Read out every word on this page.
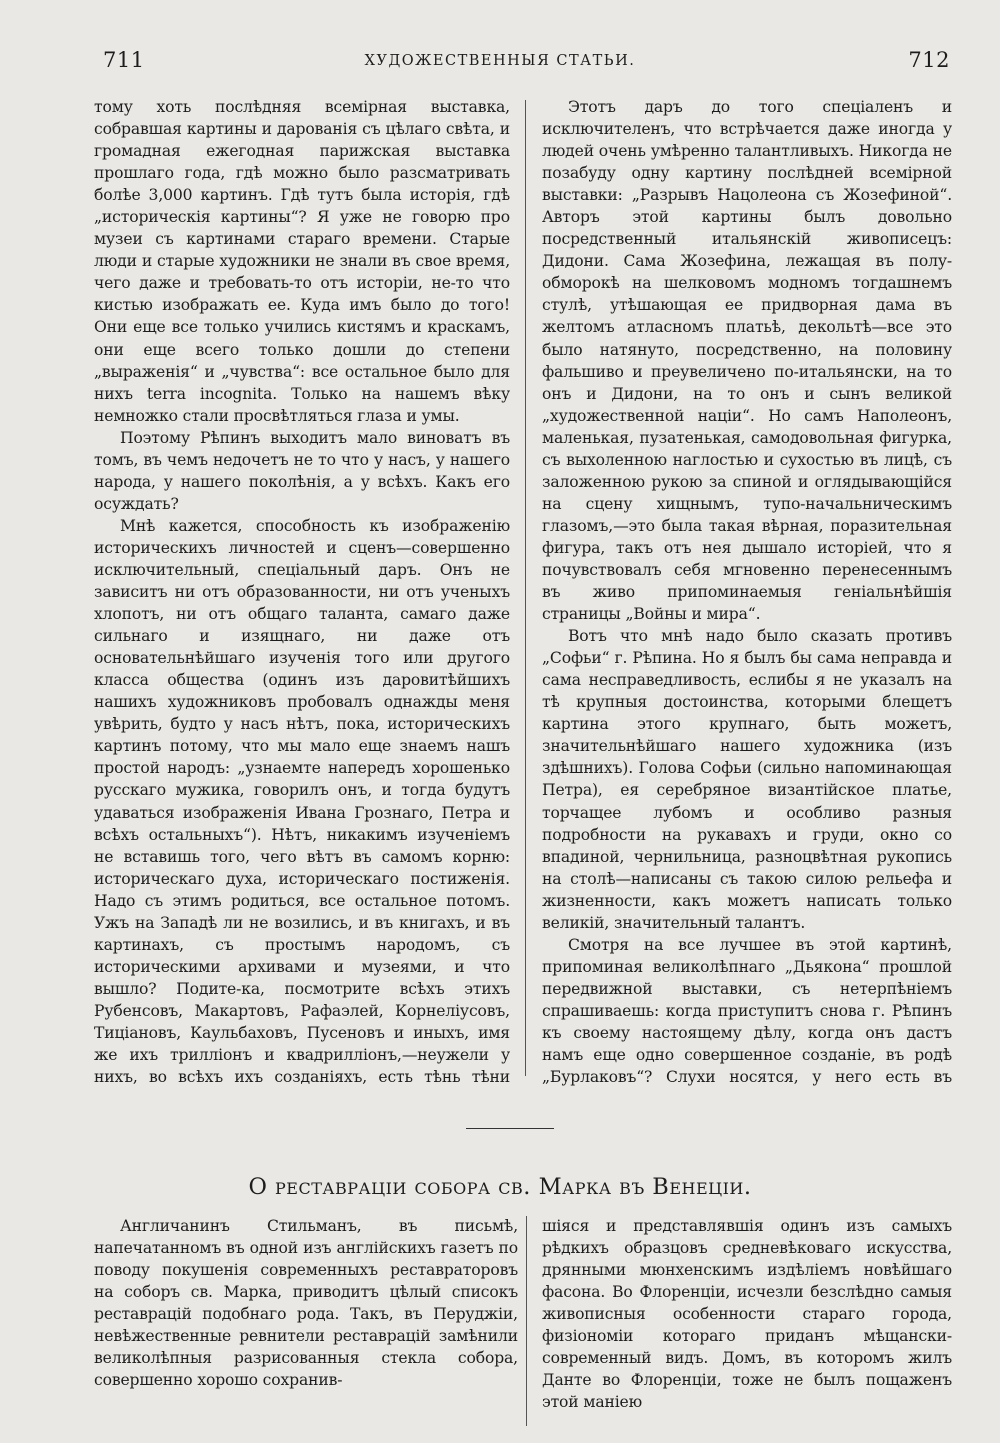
711	ХУДОЖЕСТВЕННЫЯ СТАТЬИ.	712

тому хоть послѣдняя всемiрная выставка, собравшая картины и дарованiя съ цѣлаго свѣта, и громадная ежегодная парижская выставка прошлаго года, гдѣ можно было разсматривать болѣе 3,000 картинъ. Гдѣ тутъ была исторiя, гдѣ „историческiя картины“? Я уже не говорю про музеи съ картинами стараго времени. Старые люди и старые художники не знали въ свое время, чего даже и требовать-то отъ исторiи, не-то что кистью изображать ее. Куда имъ было до того! Они еще все только учились кистямъ и краскамъ, они еще всего только дошли до степени „выраженiя“ и „чувства“: все остальное было для нихъ terra incognita. Только на нашемъ вѣку немножко стали просвѣтляться глаза и умы.

Поэтому Рѣпинъ выходитъ мало виноватъ въ томъ, въ чемъ недочетъ не то что у насъ, у нашего народа, у нашего поколѣнiя, а у всѣхъ. Какъ его осуждать?

Мнѣ кажется, способность къ изображенiю историческихъ личностей и сценъ—совершенно исключительный, спецiальный даръ. Онъ не зависитъ ни отъ образованности, ни отъ ученыхъ хлопотъ, ни отъ общаго таланта, самаго даже сильнаго и изящнаго, ни даже отъ основательнѣйшаго изученiя того или другого класса общества (одинъ изъ даровитѣйшихъ нашихъ художниковъ пробовалъ однажды меня увѣрить, будто у насъ нѣтъ, пока, историческихъ картинъ потому, что мы мало еще знаемъ нашъ простой народъ: „узнаемте напередъ хорошенько русскаго мужика, говорилъ онъ, и тогда будутъ удаваться изображенiя Ивана Грознаго, Петра и всѣхъ остальныхъ“). Нѣтъ, никакимъ изученiемъ не вставишь того, чего вѣтъ въ самомъ корню: историческаго духа, историческаго постиженiя. Надо съ этимъ родиться, все остальное потомъ. Ужъ на Западѣ ли не возились, и въ книгахъ, и въ картинахъ, съ простымъ народомъ, съ историческими архивами и музеями, и что вышло? Подите-ка, посмотрите всѣхъ этихъ Рубенсовъ, Макартовъ, Рафаэлей, Корнелiусовъ, Тицiановъ, Каульбаховъ, Пусеновъ и иныхъ, имя же ихъ триллiонъ и квадриллiонъ,—неужели у нихъ, во всѣхъ ихъ созданiяхъ, есть тѣнь тѣни

Этотъ даръ до того спецiаленъ и исключителенъ, что встрѣчается даже иногда у людей очень умѣренно талантливыхъ. Никогда не позабуду одну картину послѣдней всемiрной выставки: „Разрывъ Нацолеона съ Жозефиной“. Авторъ этой картины былъ довольно посредственный итальянскiй живописецъ: Дидони. Сама Жозефина, лежащая въ полу-обморокѣ на шелковомъ модномъ тогдашнемъ стулѣ, утѣшающая ее придворная дама въ желтомъ атласномъ платьѣ, декольтѣ—все это было натянуто, посредственно, на половину фальшиво и преувеличено по-итальянски, на то онъ и Дидони, на то онъ и сынъ великой „художественной нацiи“. Но самъ Наполеонъ, маленькая, пузатенькая, самодовольная фигурка, съ выхоленною наглостью и сухостью въ лицѣ, съ заложенною рукою за спиной и оглядывающiйся на сцену хищнымъ, тупо-начальническимъ глазомъ,—это была такая вѣрная, поразительная фигура, такъ отъ нея дышало исторiей, что я почувствовалъ себя мгновенно перенесеннымъ въ живо припоминаемыя генiальнѣйшiя страницы „Войны и мира“.

Вотъ что мнѣ надо было сказать противъ „Софьи“ г. Рѣпина. Но я былъ бы сама неправда и сама несправедливость, еслибы я не указалъ на тѣ крупныя достоинства, которыми блещетъ картина этого крупнаго, быть можетъ, значительнѣйшаго нашего художника (изъ здѣшнихъ). Голова Софьи (сильно напоминающая Петра), ея серебряное византiйское платье, торчащее лубомъ и особливо разныя подробности на рукавахъ и груди, окно со впадиной, чернильница, разноцвѣтная рукопись на столѣ—написаны съ такою силою рельефа и жизненности, какъ можетъ написать только великiй, значительный талантъ.

Смотря на все лучшее въ этой картинѣ, припоминая великолѣпнаго „Дьякона“ прошлой передвижной выставки, съ нетерпѣнiемъ спрашиваешь: когда приступитъ снова г. Рѣпинъ къ своему настоящему дѣлу, когда онъ дастъ намъ еще одно совершенное созданiе, въ родѣ „Бурлаковъ“? Слухи носятся, у него есть въ

О реставраціи собора св. Марка въ Венеціи.

Англичанинъ Стильманъ, въ письмѣ, напечатанномъ въ одной изъ англiйскихъ газетъ по поводу покушенiя современныхъ реставраторовъ на соборъ св. Марка, приводитъ цѣлый списокъ реставрацiй подобнаго рода. Такъ, въ Перуджiи, невѣжественные ревнители реставрацiй замѣнили великолѣпныя разрисованныя стекла собора, совершенно хорошо сохранив-

шiяся и представлявшiя одинъ изъ самыхъ рѣдкихъ образцовъ средневѣковаго искусства, дрянными мюнхенскимъ издѣлiемъ новѣйшаго фасона. Во Флоренцiи, исчезли безслѣдно самыя живописныя особенности стараго города, физiономiи котораго приданъ мѣщански-современный видъ. Домъ, въ которомъ жилъ Данте во Флоренцiи, тоже не былъ пощаженъ этой манiею
